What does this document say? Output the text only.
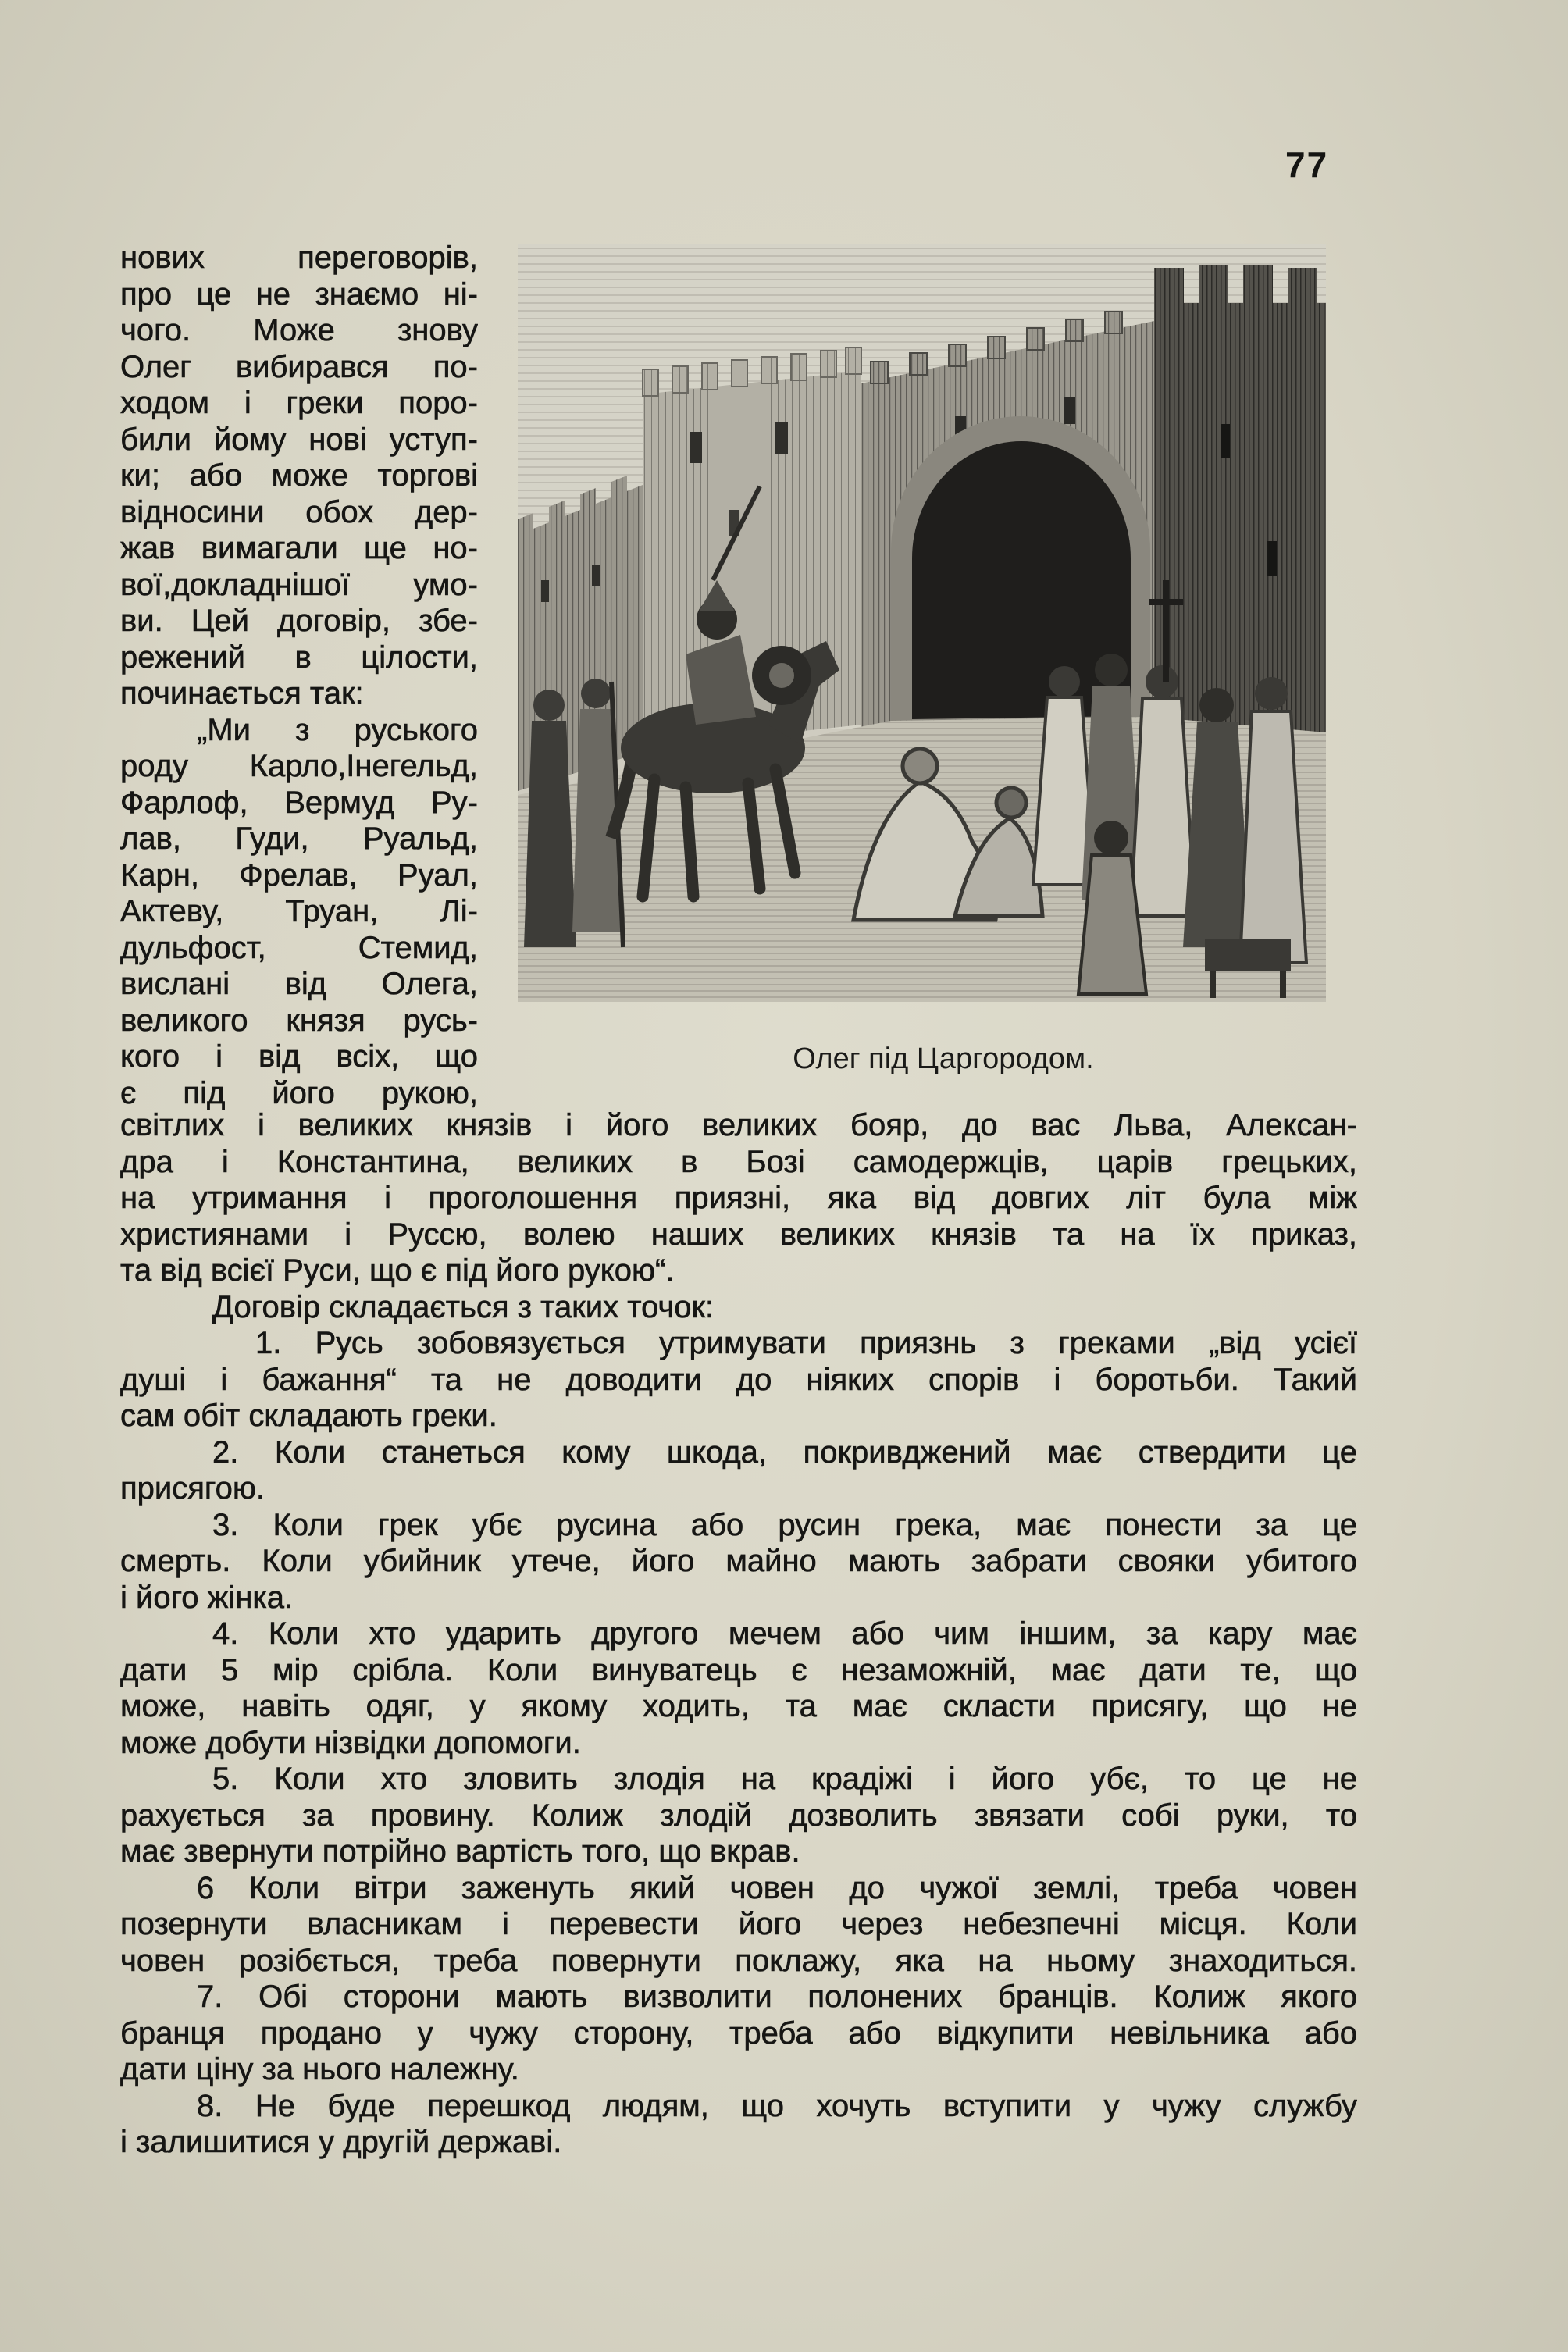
77
Олег під Царгородом.
нових переговорів,
про це не знаємо ні-
чого. Може знову
Олег вибирався по-
ходом і греки поро-
били йому нові уступ-
ки; або може торгові
відносини обох дер-
жав вимагали ще но-
вої,докладнішої умо-
ви. Цей договір, збе-
режений в цілости,
починається так:
„Ми з руського
роду Карло,Інегельд,
Фарлоф, Вермуд Ру-
лав, Гуди, Руальд,
Карн, Фрелав, Руал,
Актеву, Труан, Лі-
дульфост, Стемид,
вислані від Олега,
великого князя русь-
кого і від всіх, що
є під його рукою,
світлих і великих князів і його великих бояр, до вас Льва, Алексан-
дра і Константина, великих в Бозі самодержців, царів грецьких,
на утримання і проголошення приязні, яка від довгих літ була між
християнами і Руссю, волею наших великих князів та на їх приказ,
та від всієї Руси, що є під його рукою“.
Договір складається з таких точок:
1. Русь зобовязується утримувати приязнь з греками „від усієї
душі і бажання“ та не доводити до ніяких спорів і боротьби. Такий
сам обіт складають греки.
2. Коли станеться кому шкода, покривджений має ствердити це
присягою.
3. Коли грек убє русина або русин грека, має понести за це
смерть. Коли убийник утече, його майно мають забрати свояки убитого
і його жінка.
4. Коли хто ударить другого мечем або чим іншим, за кару має
дати 5 мір срібла. Коли винуватець є незаможній, має дати те, що
може, навіть одяг, у якому ходить, та має скласти присягу, що не
може добути нізвідки допомоги.
5. Коли хто зловить злодія на крадіжі і його убє, то це не
рахується за провину. Колиж злодій дозволить звязати собі руки, то
має звернути потрійно вартість того, що вкрав.
6 Коли вітри заженуть який човен до чужої землі, треба човен
позернути власникам і перевести його через небезпечні місця. Коли
човен розібється, треба повернути поклажу, яка на ньому знаходиться.
7. Обі сторони мають визволити полонених бранців. Колиж якого
бранця продано у чужу сторону, треба або відкупити невільника або
дати ціну за нього належну.
8. Не буде перешкод людям, що хочуть вступити у чужу службу
і залишитися у другій державі.
